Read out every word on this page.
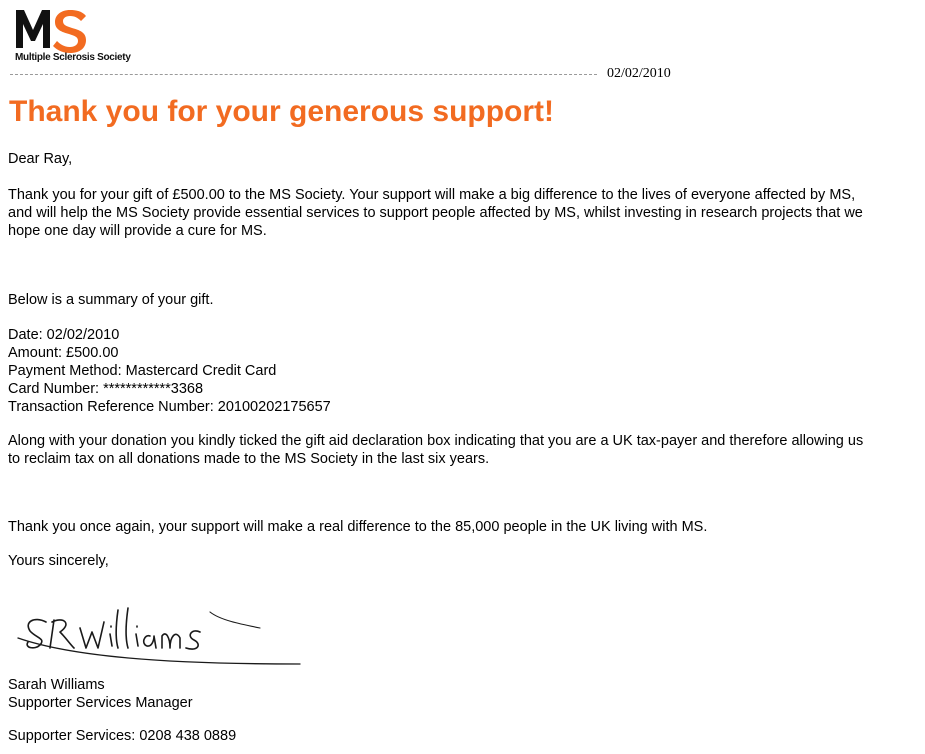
Multiple Sclerosis Society
02/02/2010
Thank you for your generous support!
Dear Ray,
Thank you for your gift of £500.00 to the MS Society. Your support will make a big difference to the lives of everyone affected by MS,
and will help the MS Society provide essential services to support people affected by MS, whilst investing in research projects that we
hope one day will provide a cure for MS.
Below is a summary of your gift.
Date: 02/02/2010
Amount: £500.00
Payment Method: Mastercard Credit Card
Card Number: ************3368
Transaction Reference Number: 20100202175657
Along with your donation you kindly ticked the gift aid declaration box indicating that you are a UK tax-payer and therefore allowing us
to reclaim tax on all donations made to the MS Society in the last six years.
Thank you once again, your support will make a real difference to the 85,000 people in the UK living with MS.
Yours sincerely,
Sarah Williams
Supporter Services Manager
Supporter Services: 0208 438 0889
